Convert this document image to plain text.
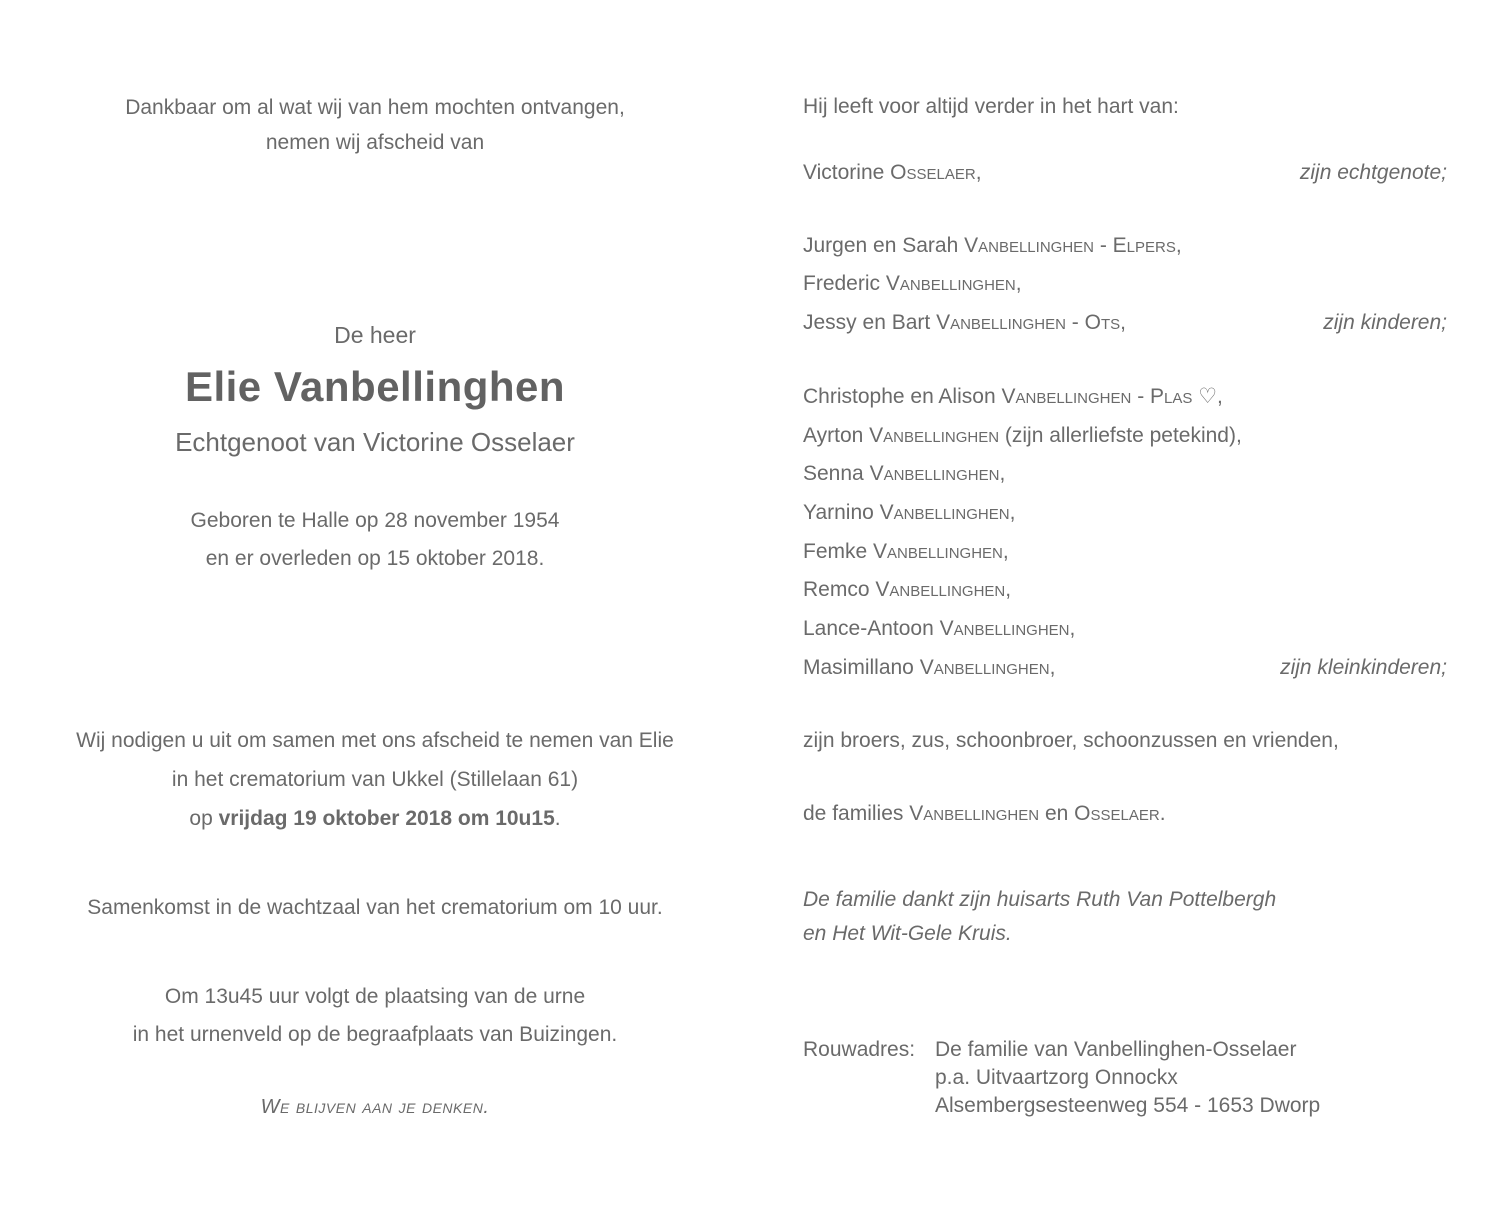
Dankbaar om al wat wij van hem mochten ontvangen,
nemen wij afscheid van
De heer
Elie Vanbellinghen
Echtgenoot van Victorine Osselaer
Geboren te Halle op 28 november 1954
en er overleden op 15 oktober 2018.
Wij nodigen u uit om samen met ons afscheid te nemen van Elie
in het crematorium van Ukkel (Stillelaan 61)
op vrijdag 19 oktober 2018 om 10u15.
Samenkomst in de wachtzaal van het crematorium om 10 uur.
Om 13u45 uur volgt de plaatsing van de urne
in het urnenveld op de begraafplaats van Buizingen.
We blijven aan je denken.
Hij leeft voor altijd verder in het hart van:
Victorine Osselaer,	zijn echtgenote;
Jurgen en Sarah Vanbellinghen - Elpers,
Frederic Vanbellinghen,
Jessy en Bart Vanbellinghen - Ots,	zijn kinderen;
Christophe en Alison Vanbellinghen - Plas ♡,
Ayrton Vanbellinghen (zijn allerliefste petekind),
Senna Vanbellinghen,
Yarnino Vanbellinghen,
Femke Vanbellinghen,
Remco Vanbellinghen,
Lance-Antoon Vanbellinghen,
Masimillano Vanbellinghen,	zijn kleinkinderen;
zijn broers, zus, schoonbroer, schoonzussen en vrienden,
de families Vanbellinghen en Osselaer.
De familie dankt zijn huisarts Ruth Van Pottelbergh
en Het Wit-Gele Kruis.
Rouwadres: De familie van Vanbellinghen-Osselaer
p.a. Uitvaartzorg Onnockx
Alsembergsesteenweg 554 - 1653 Dworp
